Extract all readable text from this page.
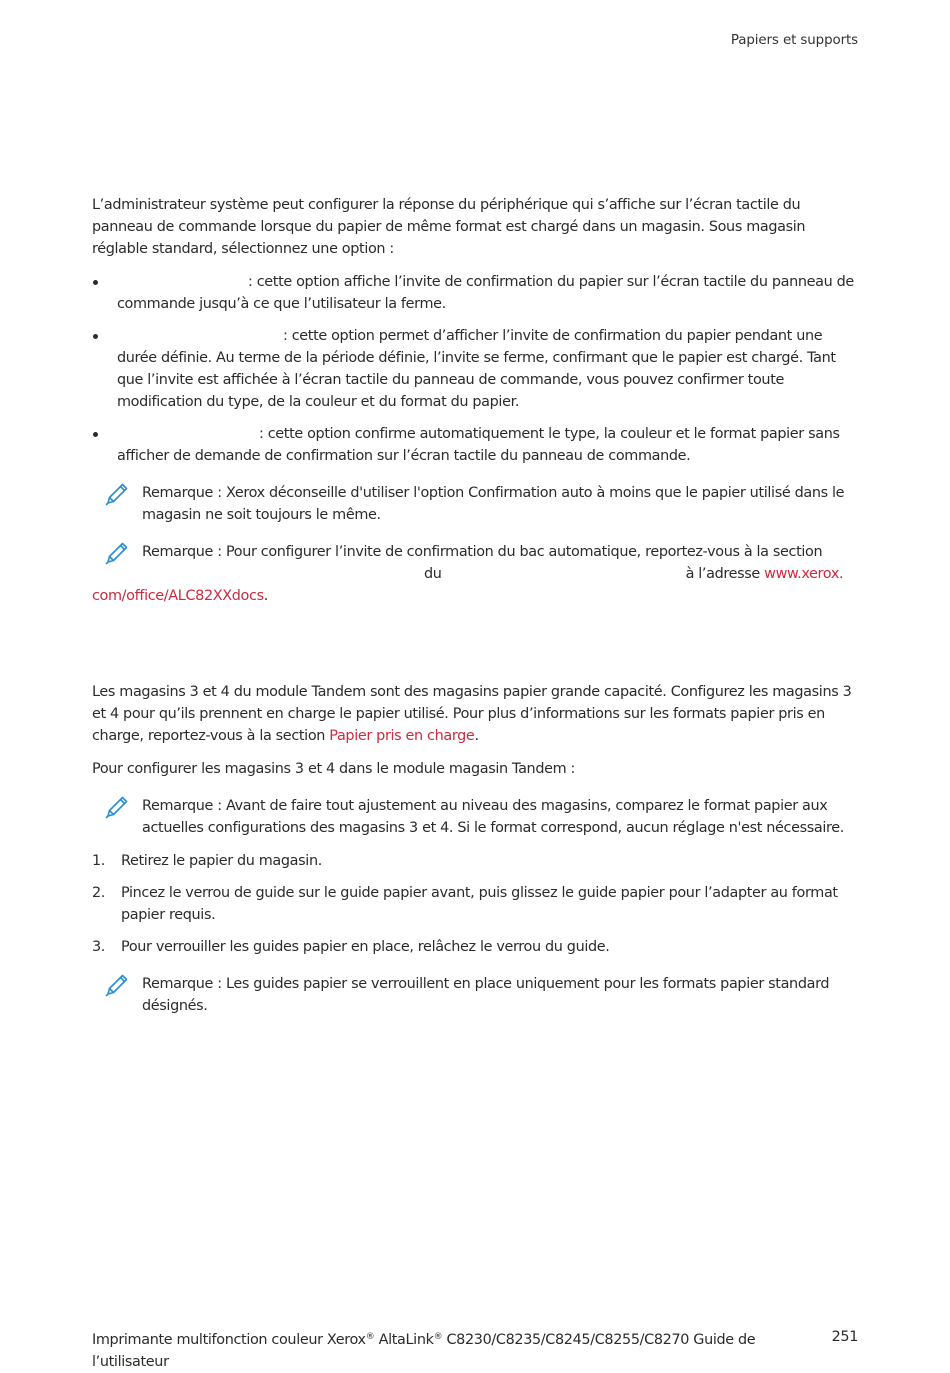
Papiers et supports

L’administrateur système peut configurer la réponse du périphérique qui s’affiche sur l’écran tactile du panneau de commande lorsque du papier de même format est chargé dans un magasin. Sous magasin réglable standard, sélectionnez une option :

: cette option affiche l’invite de confirmation du papier sur l’écran tactile du panneau de commande jusqu’à ce que l’utilisateur la ferme.
: cette option permet d’afficher l’invite de confirmation du papier pendant une durée définie. Au terme de la période définie, l’invite se ferme, confirmant que le papier est chargé. Tant que l’invite est affichée à l’écran tactile du panneau de commande, vous pouvez confirmer toute modification du type, de la couleur et du format du papier.
: cette option confirme automatiquement le type, la couleur et le format papier sans afficher de demande de confirmation sur l’écran tactile du panneau de commande.
Remarque : Xerox déconseille d'utiliser l'option Confirmation auto à moins que le papier utilisé dans le magasin ne soit toujours le même.
Remarque : Pour configurer l’invite de confirmation du bac automatique, reportez-vous à la section
du	à l’adresse www.xerox.
com/office/ALC82XXdocs.

Les magasins 3 et 4 du module Tandem sont des magasins papier grande capacité. Configurez les magasins 3 et 4 pour qu’ils prennent en charge le papier utilisé. Pour plus d’informations sur les formats papier pris en charge, reportez-vous à la section Papier pris en charge.

Pour configurer les magasins 3 et 4 dans le module magasin Tandem :

Remarque : Avant de faire tout ajustement au niveau des magasins, comparez le format papier aux actuelles configurations des magasins 3 et 4. Si le format correspond, aucun réglage n'est nécessaire.
1. Retirez le papier du magasin.
2. Pincez le verrou de guide sur le guide papier avant, puis glissez le guide papier pour l’adapter au format papier requis.
3. Pour verrouiller les guides papier en place, relâchez le verrou du guide.
Remarque : Les guides papier se verrouillent en place uniquement pour les formats papier standard désignés.
Imprimante multifonction couleur Xerox® AltaLink® C8230/C8235/C8245/C8255/C8270 Guide de l’utilisateur
251
